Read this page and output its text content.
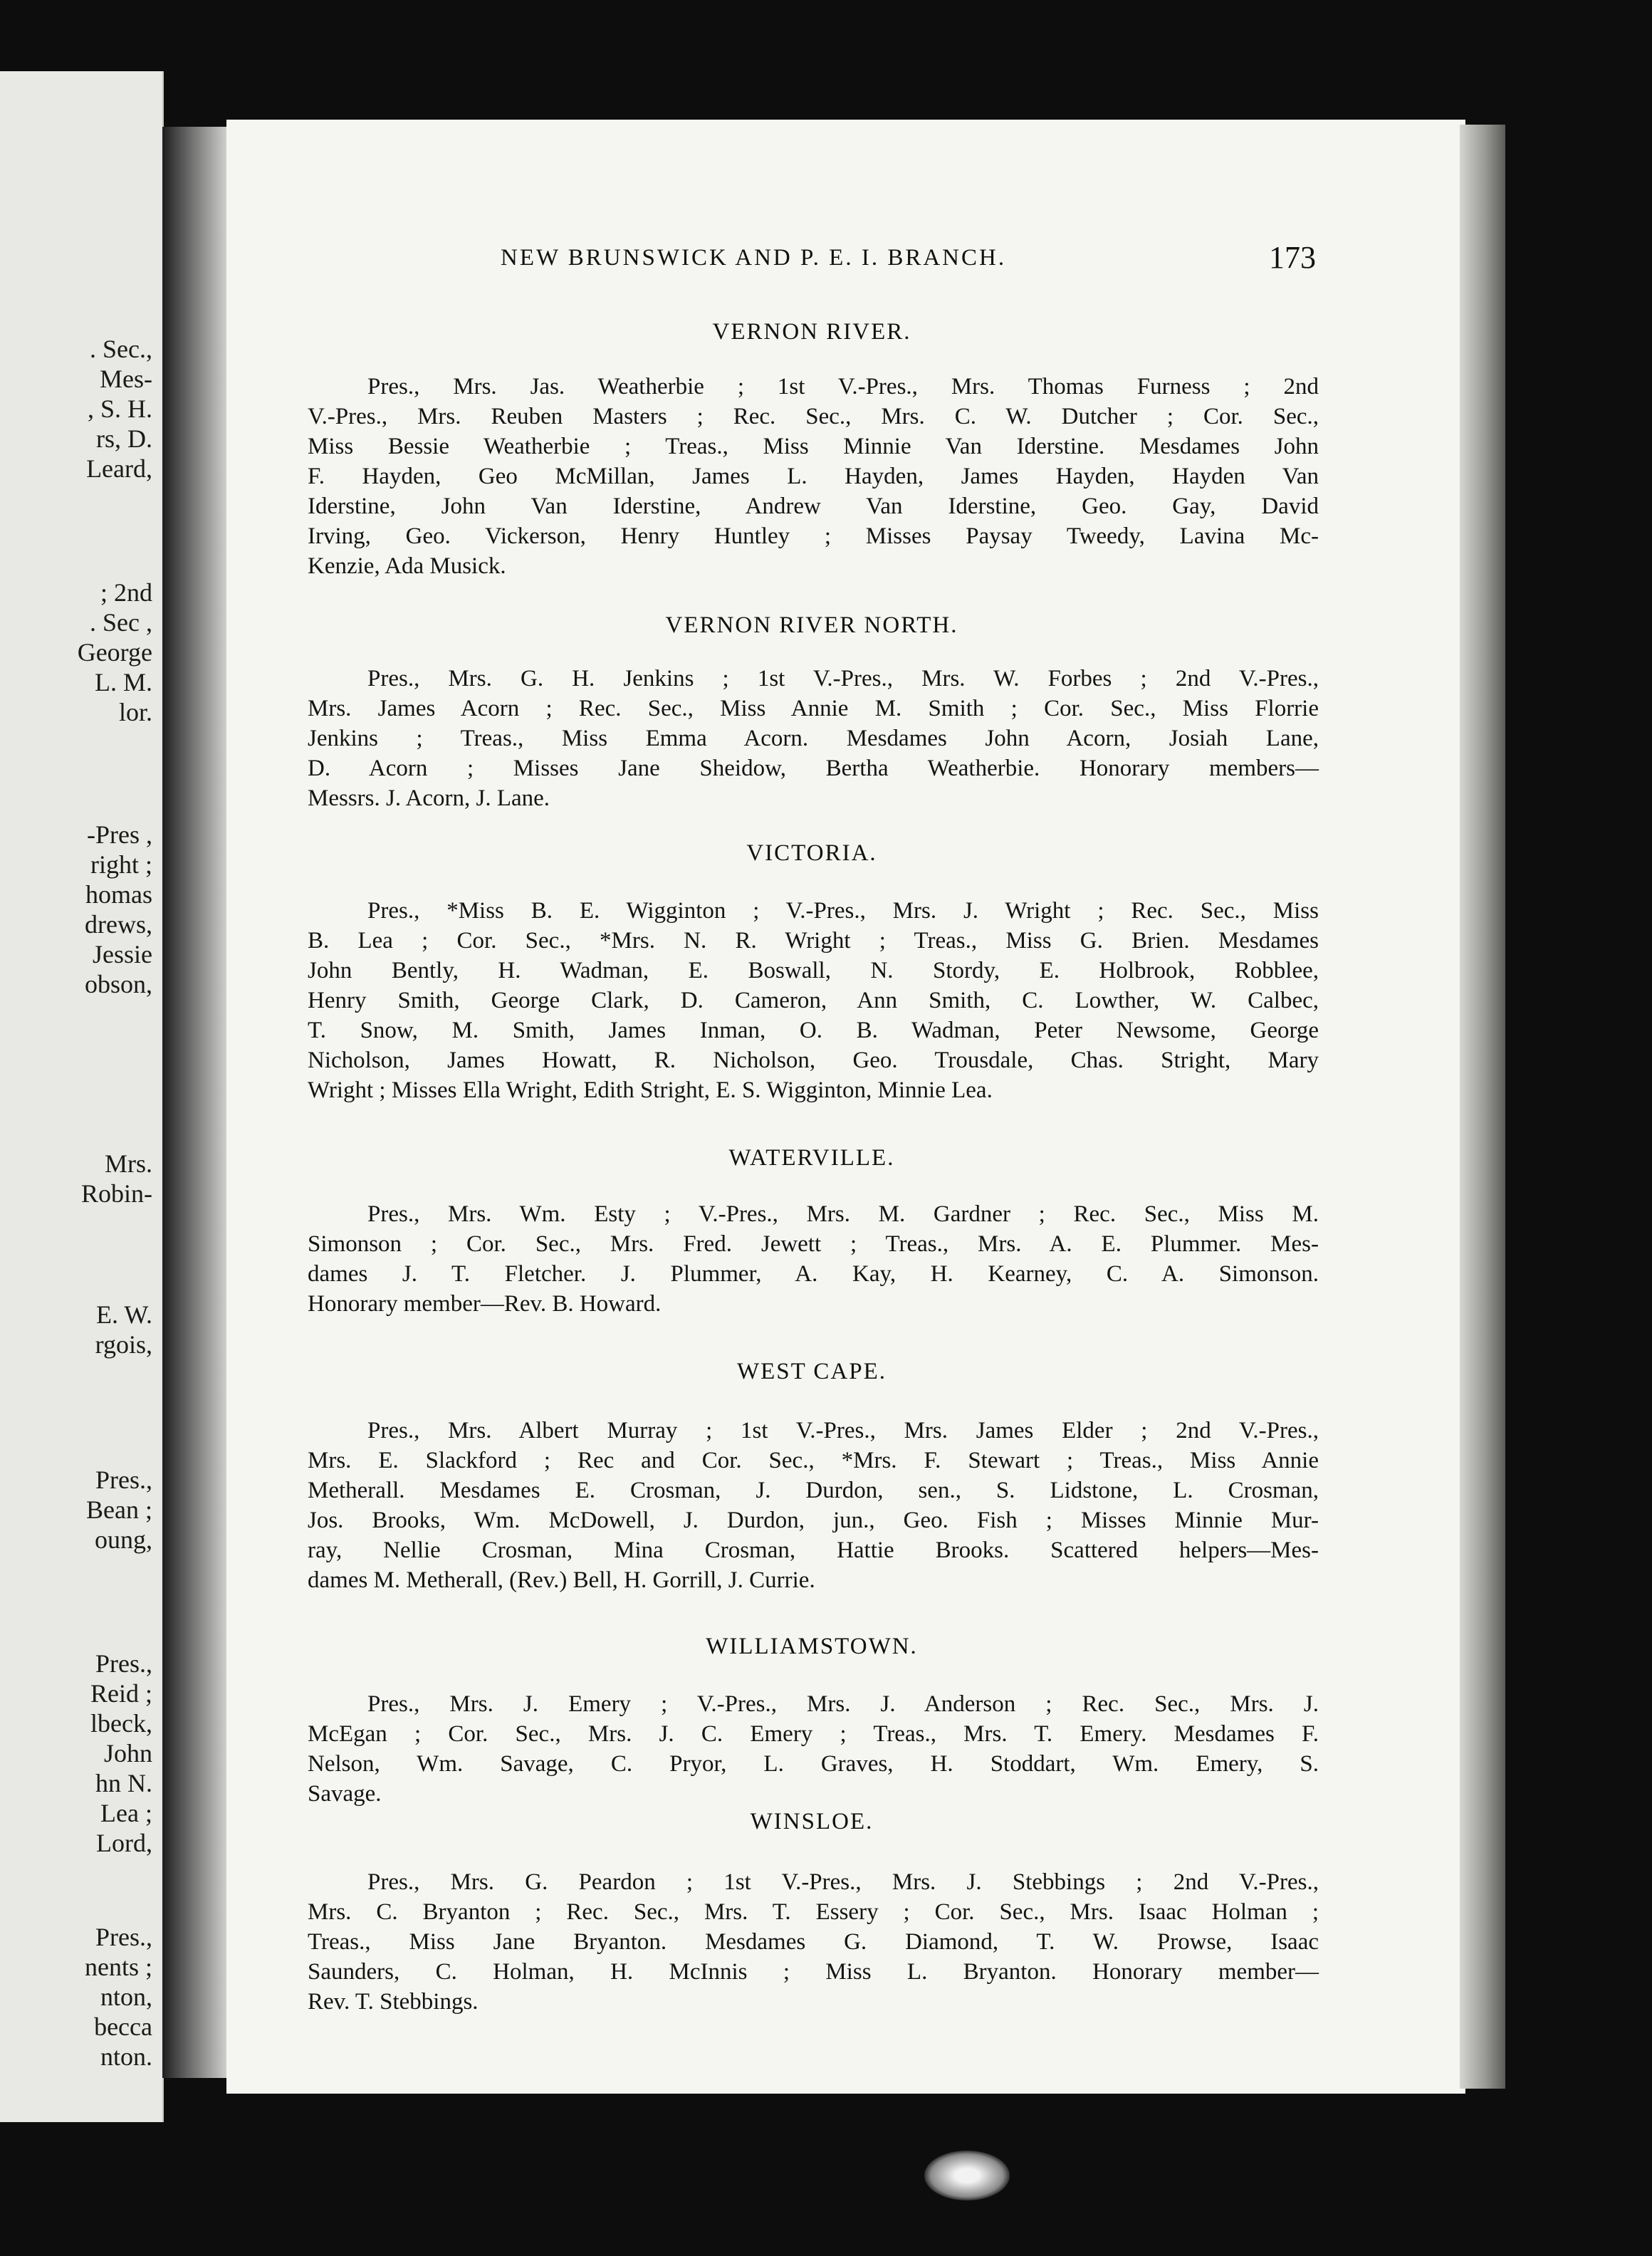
. Sec.,
Mes-
, S. H.
rs, D.
Leard,
; 2nd
. Sec ,
George
L. M.
lor.
-Pres ,
right ;
homas
drews,
Jessie
obson,
Mrs.
Robin-
E. W.
rgois,
Pres.,
Bean ;
oung,
Pres.,
Reid ;
lbeck,
John
hn N.
Lea ;
Lord,
Pres.,
nents ;
nton,
becca
nton.
NEW BRUNSWICK AND P. E. I. BRANCH.	173
VERNON RIVER.
Pres., Mrs. Jas. Weatherbie ; 1st V.-Pres., Mrs. Thomas Furness ; 2nd
V.-Pres., Mrs. Reuben Masters ; Rec. Sec., Mrs. C. W. Dutcher ; Cor. Sec.,
Miss Bessie Weatherbie ; Treas., Miss Minnie Van Iderstine. Mesdames John
F. Hayden, Geo McMillan, James L. Hayden, James Hayden, Hayden Van
Iderstine, John Van Iderstine, Andrew Van Iderstine, Geo. Gay, David
Irving, Geo. Vickerson, Henry Huntley ; Misses Paysay Tweedy, Lavina Mc-
Kenzie, Ada Musick.
VERNON RIVER NORTH.
Pres., Mrs. G. H. Jenkins ; 1st V.-Pres., Mrs. W. Forbes ; 2nd V.-Pres.,
Mrs. James Acorn ; Rec. Sec., Miss Annie M. Smith ; Cor. Sec., Miss Florrie
Jenkins ; Treas., Miss Emma Acorn. Mesdames John Acorn, Josiah Lane,
D. Acorn ; Misses Jane Sheidow, Bertha Weatherbie. Honorary members—
Messrs. J. Acorn, J. Lane.
VICTORIA.
Pres., *Miss B. E. Wigginton ; V.-Pres., Mrs. J. Wright ; Rec. Sec., Miss
B. Lea ; Cor. Sec., *Mrs. N. R. Wright ; Treas., Miss G. Brien. Mesdames
John Bently, H. Wadman, E. Boswall, N. Stordy, E. Holbrook, Robblee,
Henry Smith, George Clark, D. Cameron, Ann Smith, C. Lowther, W. Calbec,
T. Snow, M. Smith, James Inman, O. B. Wadman, Peter Newsome, George
Nicholson, James Howatt, R. Nicholson, Geo. Trousdale, Chas. Stright, Mary
Wright ; Misses Ella Wright, Edith Stright, E. S. Wigginton, Minnie Lea.
WATERVILLE.
Pres., Mrs. Wm. Esty ; V.-Pres., Mrs. M. Gardner ; Rec. Sec., Miss M.
Simonson ; Cor. Sec., Mrs. Fred. Jewett ; Treas., Mrs. A. E. Plummer. Mes-
dames J. T. Fletcher. J. Plummer, A. Kay, H. Kearney, C. A. Simonson.
Honorary member—Rev. B. Howard.
WEST CAPE.
Pres., Mrs. Albert Murray ; 1st V.-Pres., Mrs. James Elder ; 2nd V.-Pres.,
Mrs. E. Slackford ; Rec and Cor. Sec., *Mrs. F. Stewart ; Treas., Miss Annie
Metherall. Mesdames E. Crosman, J. Durdon, sen., S. Lidstone, L. Crosman,
Jos. Brooks, Wm. McDowell, J. Durdon, jun., Geo. Fish ; Misses Minnie Mur-
ray, Nellie Crosman, Mina Crosman, Hattie Brooks. Scattered helpers—Mes-
dames M. Metherall, (Rev.) Bell, H. Gorrill, J. Currie.
WILLIAMSTOWN.
Pres., Mrs. J. Emery ; V.-Pres., Mrs. J. Anderson ; Rec. Sec., Mrs. J.
McEgan ; Cor. Sec., Mrs. J. C. Emery ; Treas., Mrs. T. Emery. Mesdames F.
Nelson, Wm. Savage, C. Pryor, L. Graves, H. Stoddart, Wm. Emery, S.
Savage.
WINSLOE.
Pres., Mrs. G. Peardon ; 1st V.-Pres., Mrs. J. Stebbings ; 2nd V.-Pres.,
Mrs. C. Bryanton ; Rec. Sec., Mrs. T. Essery ; Cor. Sec., Mrs. Isaac Holman ;
Treas., Miss Jane Bryanton. Mesdames G. Diamond, T. W. Prowse, Isaac
Saunders, C. Holman, H. McInnis ; Miss L. Bryanton. Honorary member—
Rev. T. Stebbings.
